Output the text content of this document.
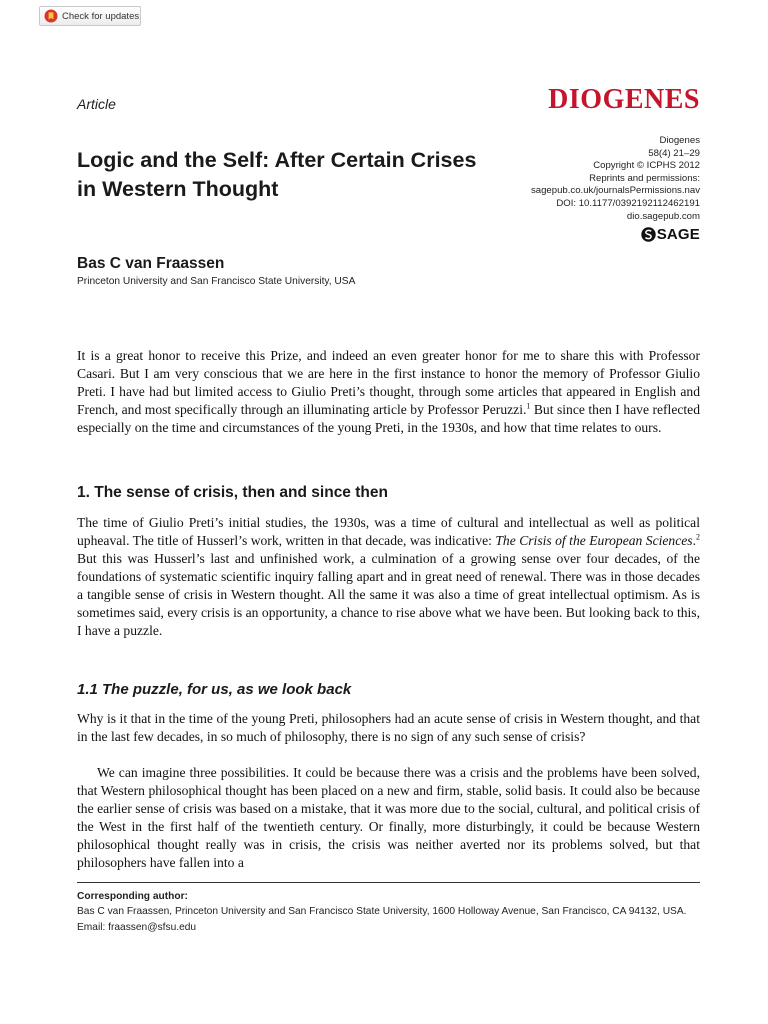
Check for updates
Article	DIOGENES
Logic and the Self: After Certain Crises in Western Thought
Diogenes
58(4) 21–29
Copyright © ICPHS 2012
Reprints and permissions:
sagepub.co.uk/journalsPermissions.nav
DOI: 10.1177/0392192112462191
dio.sagepub.com
SAGE
Bas C van Fraassen
Princeton University and San Francisco State University, USA

It is a great honor to receive this Prize, and indeed an even greater honor for me to share this with Professor Casari. But I am very conscious that we are here in the first instance to honor the memory of Professor Giulio Preti. I have had but limited access to Giulio Preti’s thought, through some articles that appeared in English and French, and most specifically through an illuminating article by Professor Peruzzi.$^1$ But since then I have reflected especially on the time and circumstances of the young Preti, in the 1930s, and how that time relates to ours.

1. The sense of crisis, then and since then

The time of Giulio Preti’s initial studies, the 1930s, was a time of cultural and intellectual as well as political upheaval. The title of Husserl’s work, written in that decade, was indicative: The Crisis of the European Sciences.$^2$ But this was Husserl’s last and unfinished work, a culmination of a growing sense over four decades, of the foundations of systematic scientific inquiry falling apart and in great need of renewal. There was in those decades a tangible sense of crisis in Western thought. All the same it was also a time of great intellectual optimism. As is sometimes said, every crisis is an opportunity, a chance to rise above what we have been. But looking back to this, I have a puzzle.

1.1 The puzzle, for us, as we look back

Why is it that in the time of the young Preti, philosophers had an acute sense of crisis in Western thought, and that in the last few decades, in so much of philosophy, there is no sign of any such sense of crisis?

We can imagine three possibilities. It could be because there was a crisis and the problems have been solved, that Western philosophical thought has been placed on a new and firm, stable, solid basis. It could also be because the earlier sense of crisis was based on a mistake, that it was more due to the social, cultural, and political crisis of the West in the first half of the twentieth century. Or finally, more disturbingly, it could be because Western philosophical thought really was in crisis, the crisis was neither averted nor its problems solved, but that philosophers have fallen into a

Corresponding author:
Bas C van Fraassen, Princeton University and San Francisco State University, 1600 Holloway Avenue, San Francisco, CA 94132, USA.
Email: fraassen@sfsu.edu
